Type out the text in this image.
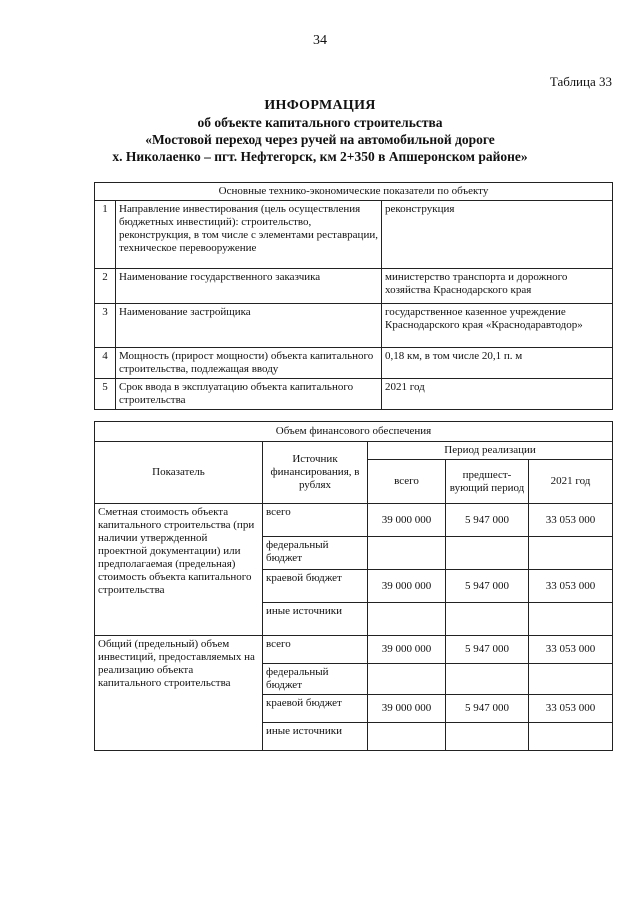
34
Таблица 33
ИНФОРМАЦИЯ
об объекте капитального строительства
«Мостовой переход через ручей на автомобильной дороге
х. Николаенко – пгт. Нефтегорск, км 2+350 в Апшеронском районе»
Основные технико-экономические показатели по объекту		
1	Направление инвестирования (цель осуществления бюджетных инвестиций): строительство, реконструкция, в том числе с элементами реставрации, техническое перевооружение	реконструкция
2	Наименование государственного заказчика	министерство транспорта и дорожного хозяйства Краснодарского края
3	Наименование застройщика	государственное казенное учреждение Краснодарского края «Краснодаравтодор»
4	Мощность (прирост мощности) объекта капитального строительства, подлежащая вводу	0,18 км, в том числе 20,1 п. м
5	Срок ввода в эксплуатацию объекта капитального строительства	2021 год
Объем финансового обеспечения				
Показатель	Источник финансирования, в рублях	Период реализации		
		всего	предшест-вующий период	2021 год
Сметная стоимость объекта капитального строительства (при наличии утвержденной проектной документации) или предполагаемая (предельная) стоимость объекта капитального строительства	всего	39 000 000	5 947 000	33 053 000
	федеральный бюджет			
	краевой бюджет	39 000 000	5 947 000	33 053 000
	иные источники			
Общий (предельный) объем инвестиций, предоставляемых на реализацию объекта капитального строительства	всего	39 000 000	5 947 000	33 053 000
	федеральный бюджет			
	краевой бюджет	39 000 000	5 947 000	33 053 000
	иные источники			
